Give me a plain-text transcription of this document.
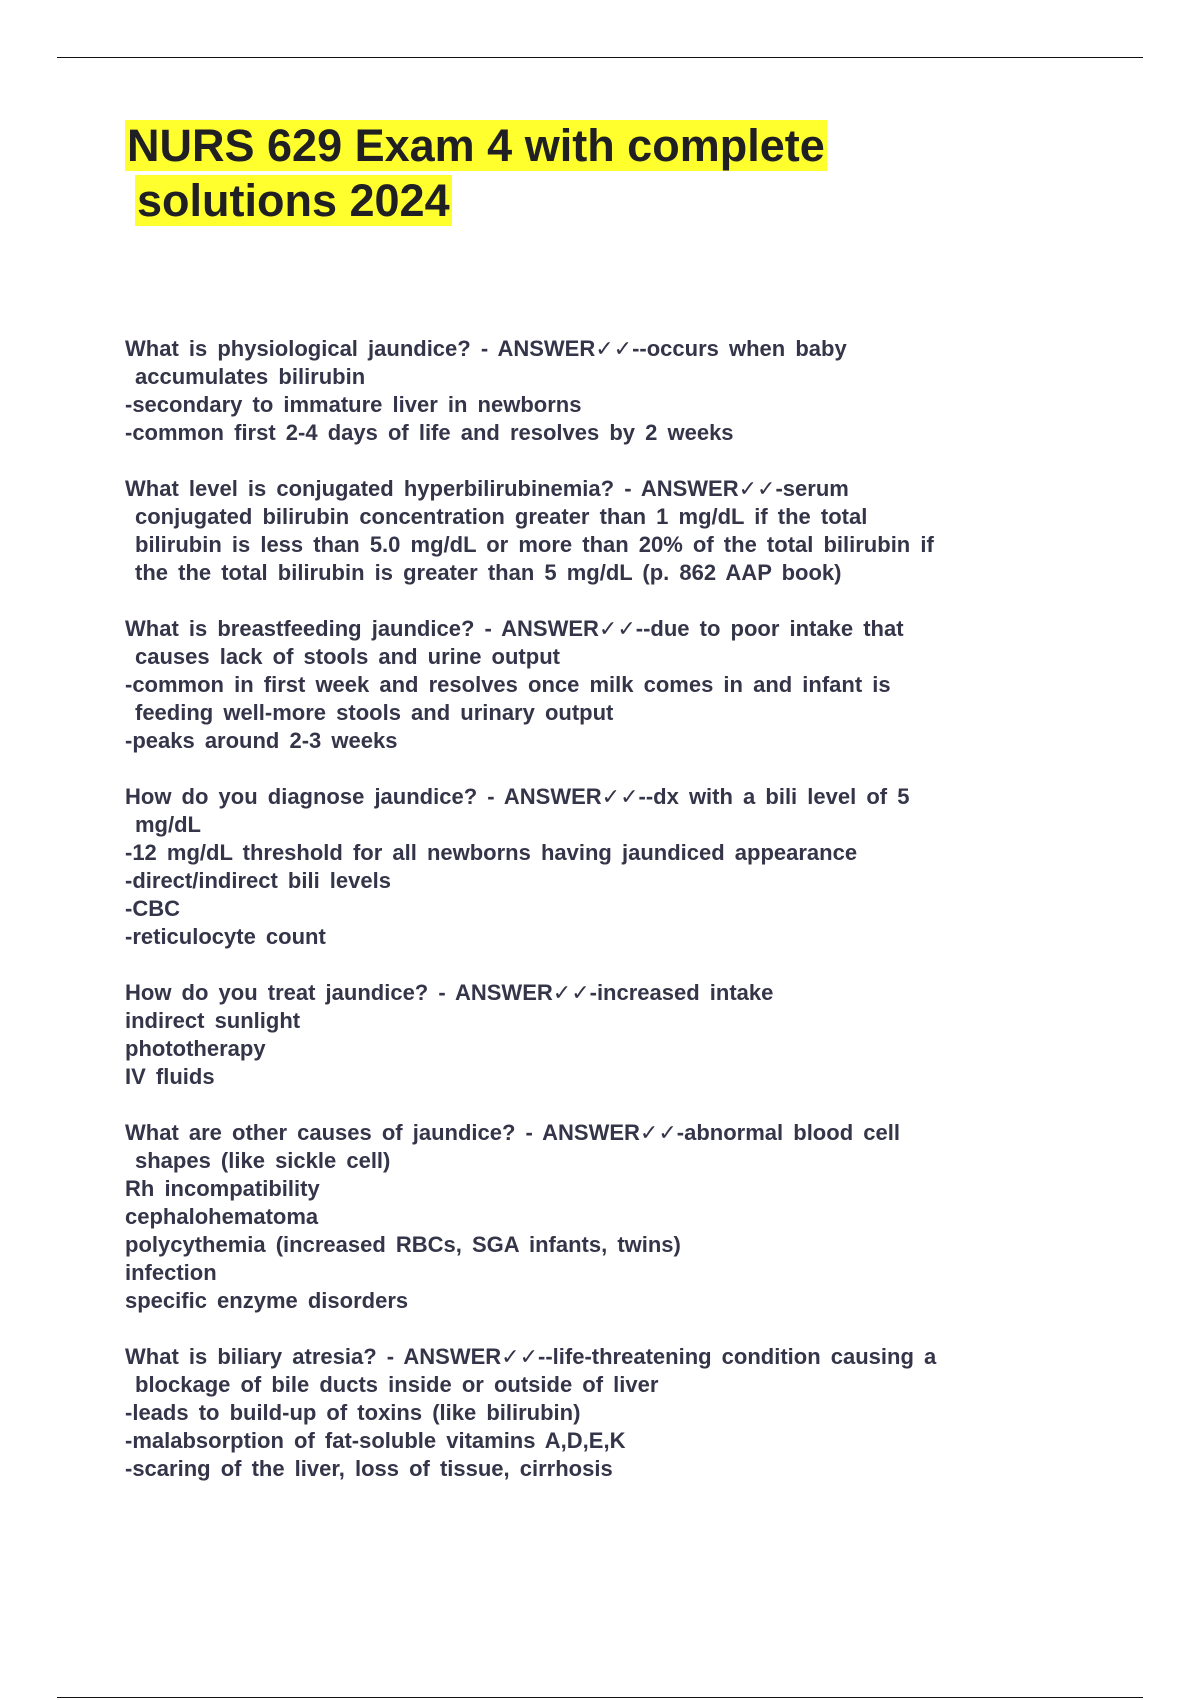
NURS 629 Exam 4 with complete
solutions 2024
What is physiological jaundice? - ANSWER✓✓--occurs when baby
accumulates bilirubin
-secondary to immature liver in newborns
-common first 2-4 days of life and resolves by 2 weeks
What level is conjugated hyperbilirubinemia? - ANSWER✓✓-serum
conjugated bilirubin concentration greater than 1 mg/dL if the total
bilirubin is less than 5.0 mg/dL or more than 20% of the total bilirubin if
the the total bilirubin is greater than 5 mg/dL (p. 862 AAP book)
What is breastfeeding jaundice? - ANSWER✓✓--due to poor intake that
causes lack of stools and urine output
-common in first week and resolves once milk comes in and infant is
feeding well-more stools and urinary output
-peaks around 2-3 weeks
How do you diagnose jaundice? - ANSWER✓✓--dx with a bili level of 5
mg/dL
-12 mg/dL threshold for all newborns having jaundiced appearance
-direct/indirect bili levels
-CBC
-reticulocyte count
How do you treat jaundice? - ANSWER✓✓-increased intake
indirect sunlight
phototherapy
IV fluids
What are other causes of jaundice? - ANSWER✓✓-abnormal blood cell
shapes (like sickle cell)
Rh incompatibility
cephalohematoma
polycythemia (increased RBCs, SGA infants, twins)
infection
specific enzyme disorders
What is biliary atresia? - ANSWER✓✓--life-threatening condition causing a
blockage of bile ducts inside or outside of liver
-leads to build-up of toxins (like bilirubin)
-malabsorption of fat-soluble vitamins A,D,E,K
-scaring of the liver, loss of tissue, cirrhosis
